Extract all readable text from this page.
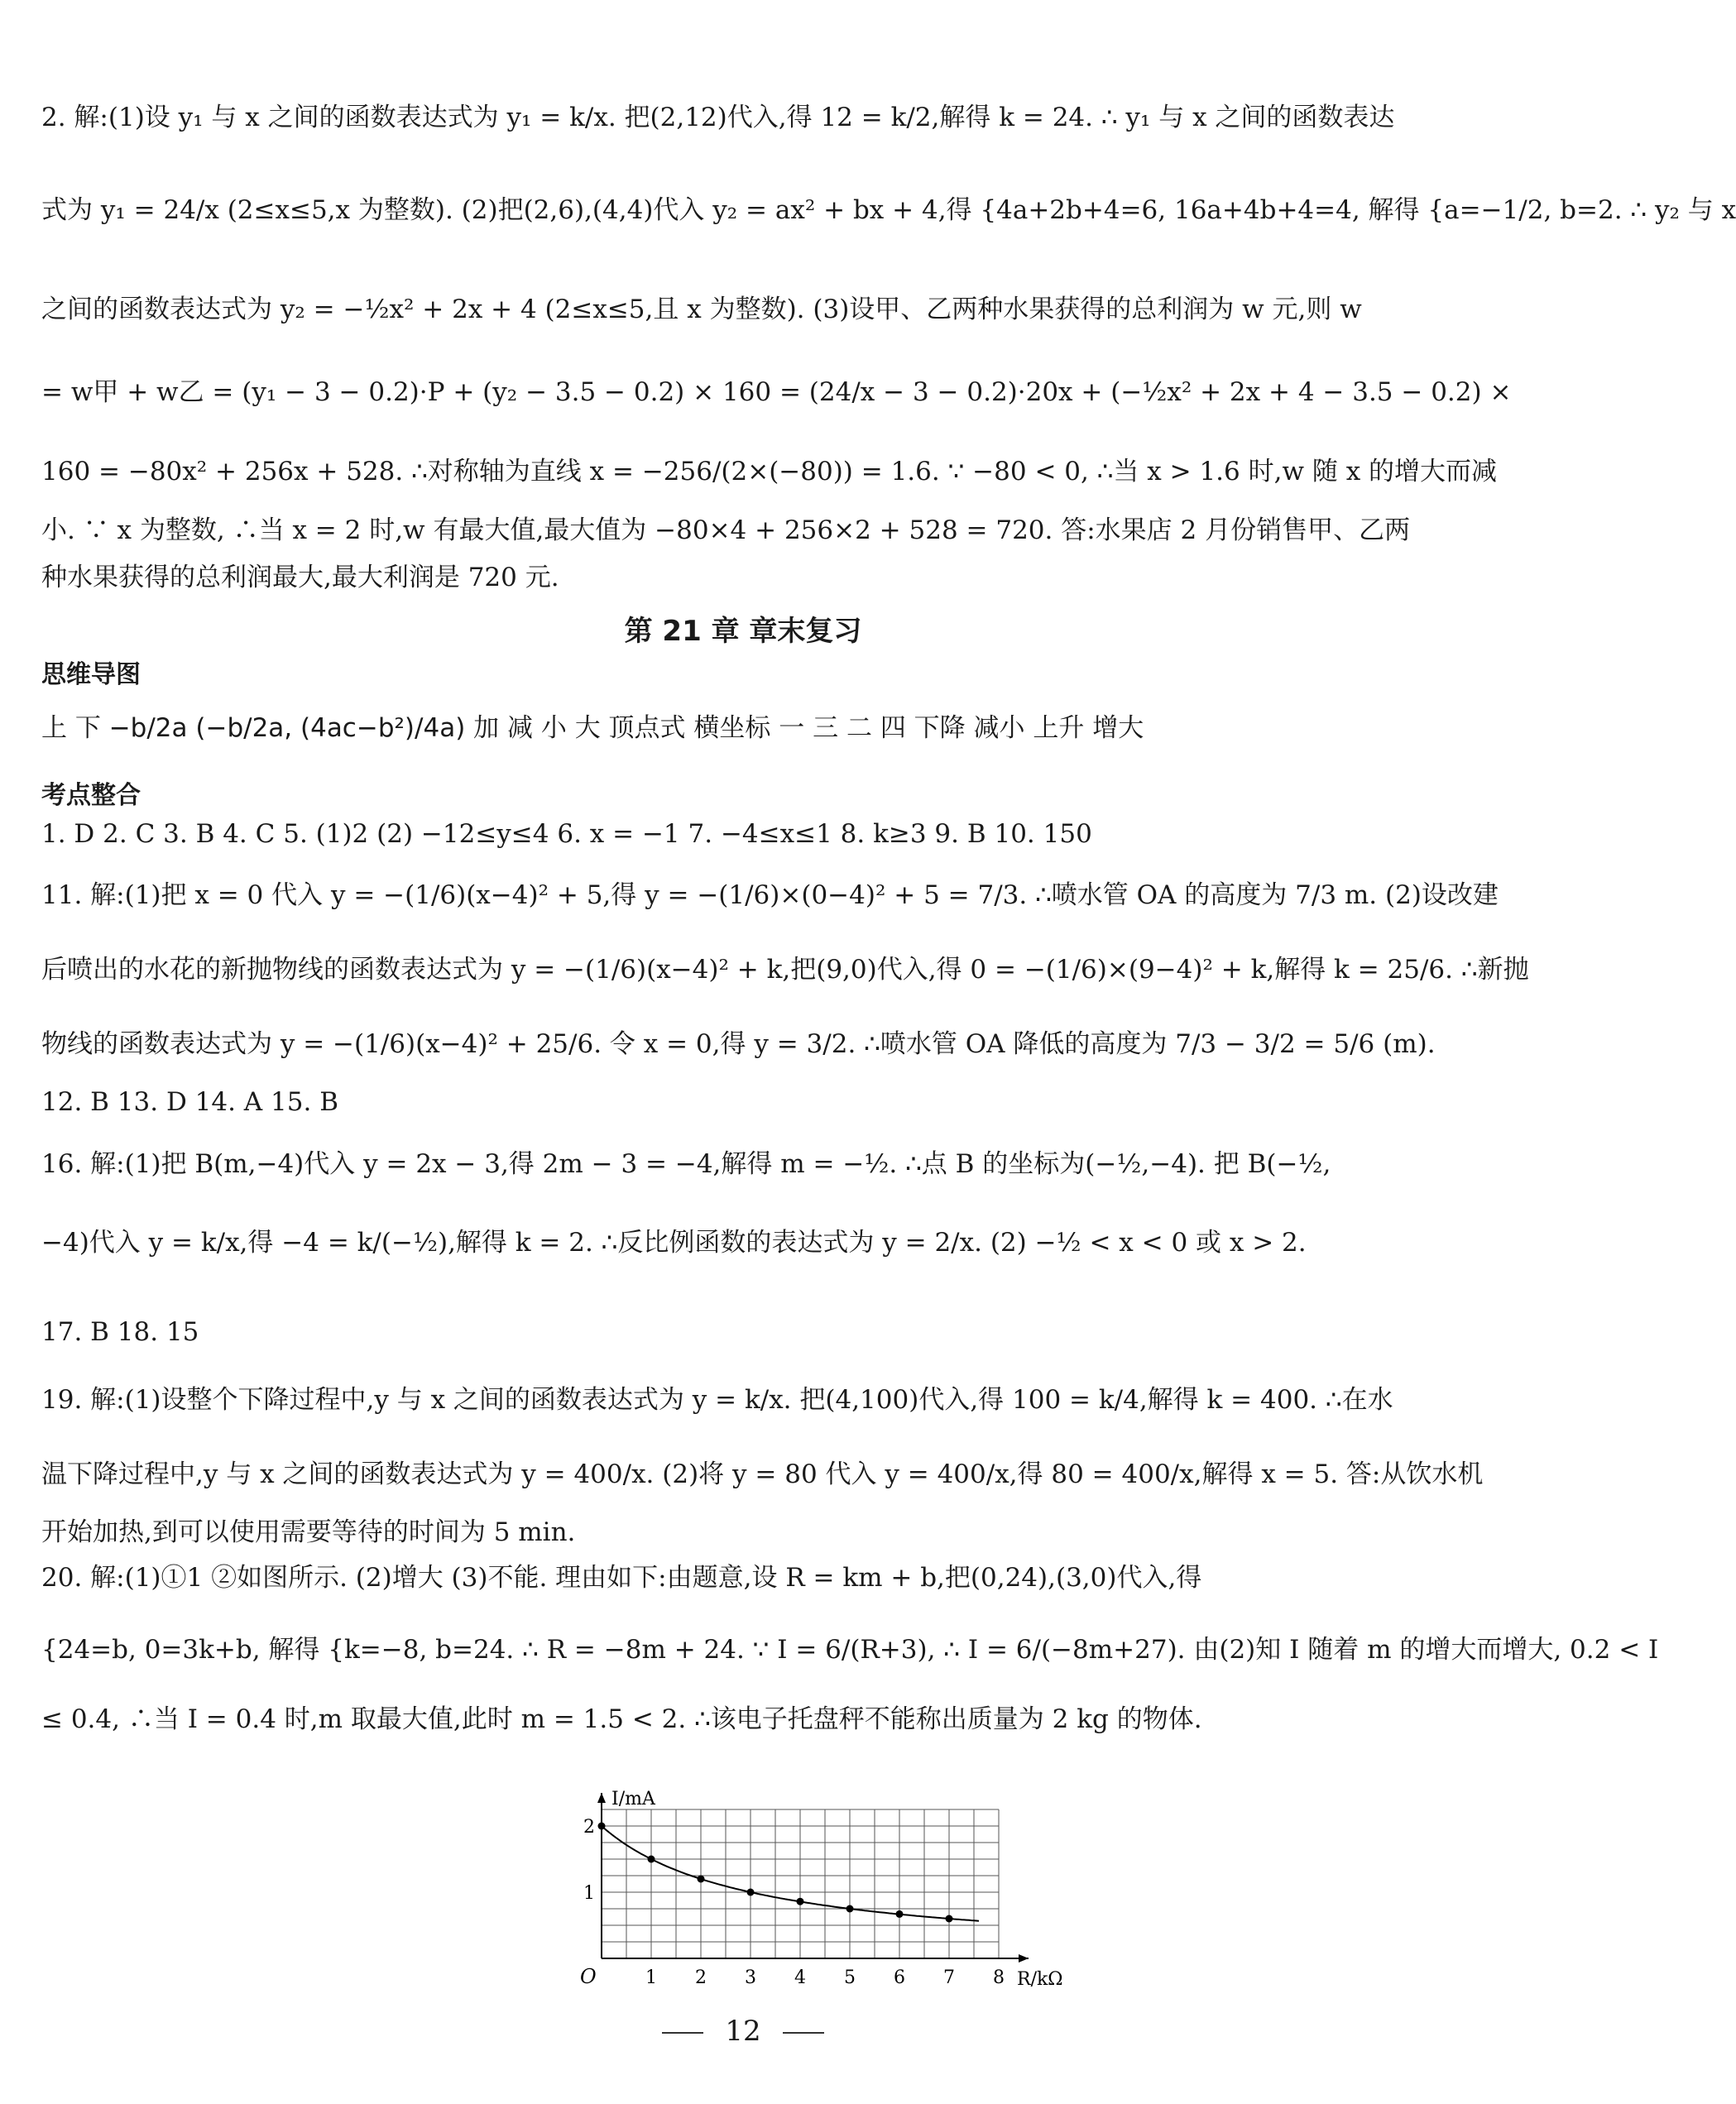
2. 解:(1)设 y₁ 与 x 之间的函数表达式为 y₁ = k/x. 把(2,12)代入,得 12 = k/2,解得 k = 24. ∴ y₁ 与 x 之间的函数表达
式为 y₁ = 24/x (2≤x≤5,x 为整数). (2)把(2,6),(4,4)代入 y₂ = ax² + bx + 4,得 {4a+2b+4=6, 16a+4b+4=4, 解得 {a=−1/2, b=2. ∴ y₂ 与 x
之间的函数表达式为 y₂ = −½x² + 2x + 4 (2≤x≤5,且 x 为整数). (3)设甲、乙两种水果获得的总利润为 w 元,则 w
= w甲 + w乙 = (y₁ − 3 − 0.2)·P + (y₂ − 3.5 − 0.2) × 160 = (24/x − 3 − 0.2)·20x + (−½x² + 2x + 4 − 3.5 − 0.2) ×
160 = −80x² + 256x + 528. ∴对称轴为直线 x = −256/(2×(−80)) = 1.6. ∵ −80 < 0, ∴当 x > 1.6 时,w 随 x 的增大而减
小. ∵ x 为整数, ∴当 x = 2 时,w 有最大值,最大值为 −80×4 + 256×2 + 528 = 720. 答:水果店 2 月份销售甲、乙两
种水果获得的总利润最大,最大利润是 720 元.
第 21 章 章末复习
思维导图
上 下 −b/2a (−b/2a, (4ac−b²)/4a) 加 减 小 大 顶点式 横坐标 一 三 二 四 下降 减小 上升 增大
考点整合
1. D 2. C 3. B 4. C 5. (1)2 (2) −12≤y≤4 6. x = −1 7. −4≤x≤1 8. k≥3 9. B 10. 150
11. 解:(1)把 x = 0 代入 y = −(1/6)(x−4)² + 5,得 y = −(1/6)×(0−4)² + 5 = 7/3. ∴喷水管 OA 的高度为 7/3 m. (2)设改建
后喷出的水花的新抛物线的函数表达式为 y = −(1/6)(x−4)² + k,把(9,0)代入,得 0 = −(1/6)×(9−4)² + k,解得 k = 25/6. ∴新抛
物线的函数表达式为 y = −(1/6)(x−4)² + 25/6. 令 x = 0,得 y = 3/2. ∴喷水管 OA 降低的高度为 7/3 − 3/2 = 5/6 (m).
12. B 13. D 14. A 15. B
16. 解:(1)把 B(m,−4)代入 y = 2x − 3,得 2m − 3 = −4,解得 m = −½. ∴点 B 的坐标为(−½,−4). 把 B(−½,
−4)代入 y = k/x,得 −4 = k/(−½),解得 k = 2. ∴反比例函数的表达式为 y = 2/x. (2) −½ < x < 0 或 x > 2.
17. B 18. 15
19. 解:(1)设整个下降过程中,y 与 x 之间的函数表达式为 y = k/x. 把(4,100)代入,得 100 = k/4,解得 k = 400. ∴在水
温下降过程中,y 与 x 之间的函数表达式为 y = 400/x. (2)将 y = 80 代入 y = 400/x,得 80 = 400/x,解得 x = 5. 答:从饮水机
开始加热,到可以使用需要等待的时间为 5 min.
20. 解:(1)①1 ②如图所示. (2)增大 (3)不能. 理由如下:由题意,设 R = km + b,把(0,24),(3,0)代入,得
{24=b, 0=3k+b, 解得 {k=−8, b=24. ∴ R = −8m + 24. ∵ I = 6/(R+3), ∴ I = 6/(−8m+27). 由(2)知 I 随着 m 的增大而增大, 0.2 < I
≤ 0.4, ∴当 I = 0.4 时,m 取最大值,此时 m = 1.5 < 2. ∴该电子托盘秤不能称出质量为 2 kg 的物体.
1 2 3 4 5 6 7 8
1
2
O	R/kΩ
I/mA
12
